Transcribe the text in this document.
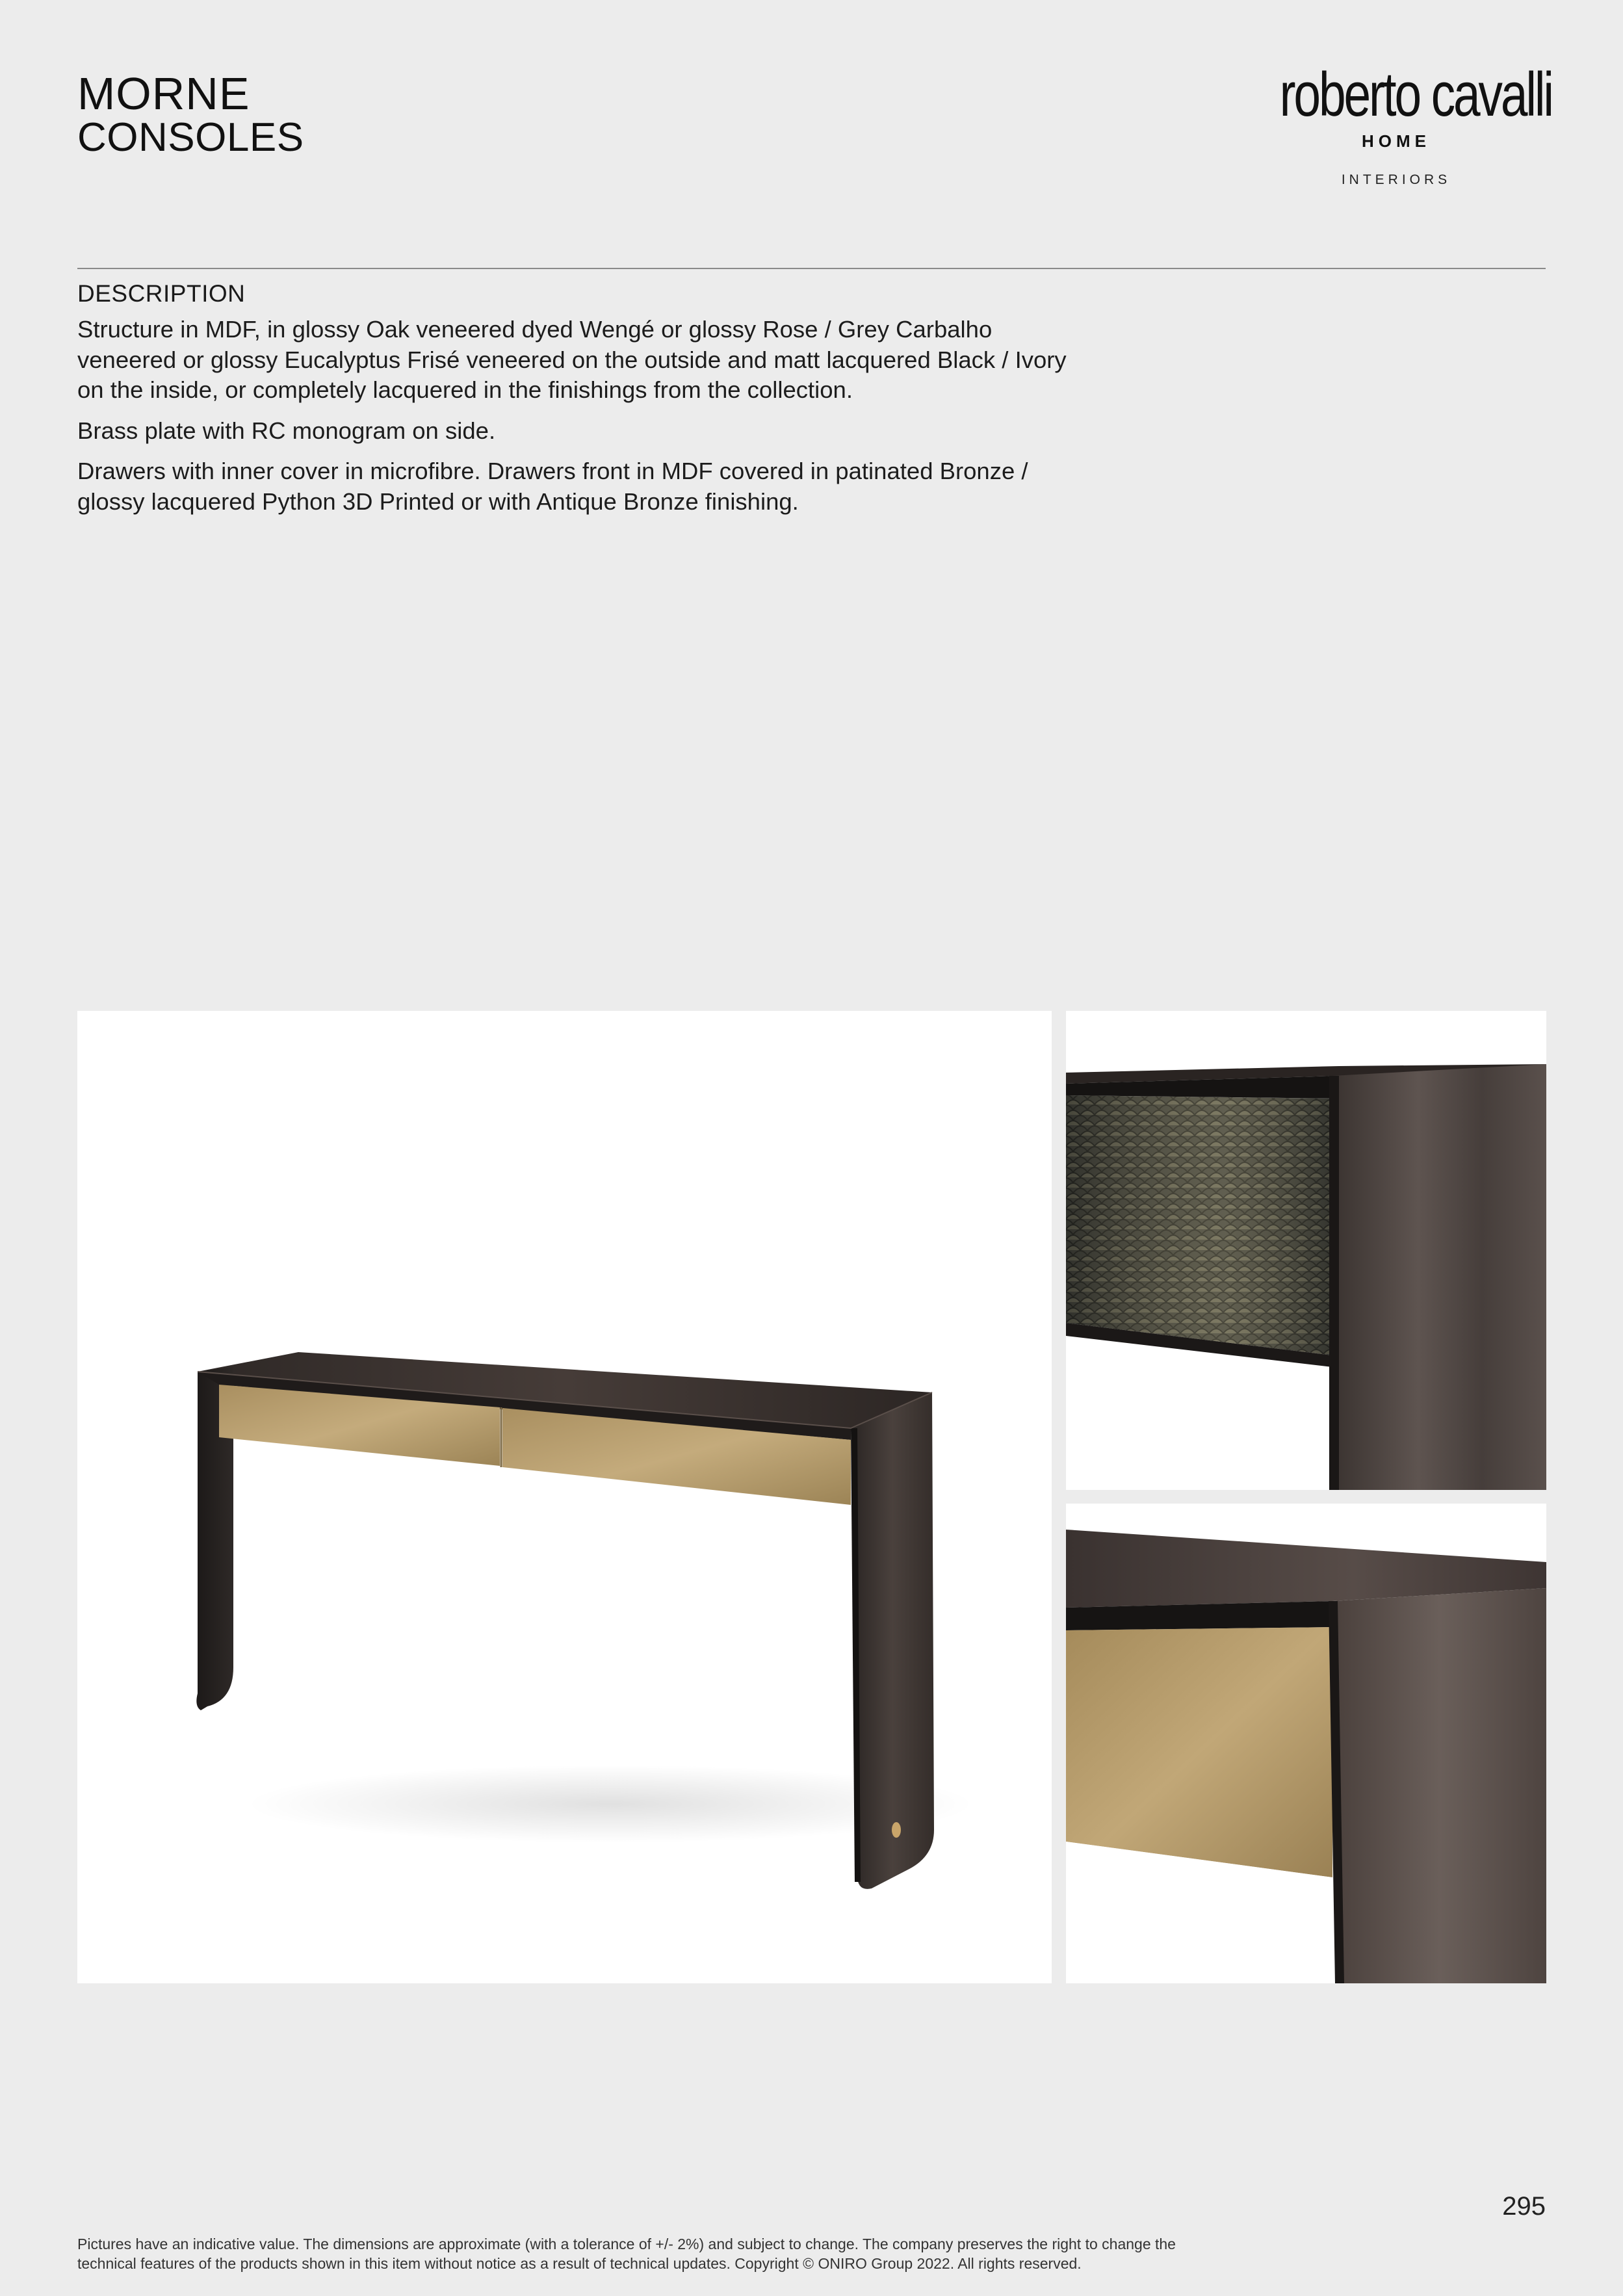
MORNE
CONSOLES
roberto cavalli
HOME
INTERIORS
DESCRIPTION

Structure in MDF, in glossy Oak veneered dyed Wengé or glossy Rose / Grey Carbalho veneered or glossy Eucalyptus Frisé veneered on the outside and matt lacquered Black / Ivory on the inside, or completely lacquered in the finishings from the collection.

Brass plate with RC monogram on side.

Drawers with inner cover in microfibre. Drawers front in MDF covered in patinated Bronze / glossy lacquered Python 3D Printed or with Antique Bronze finishing.

295
Pictures have an indicative value. The dimensions are approximate (with a tolerance of +/- 2%) and subject to change. The company preserves the right to change the
technical features of the products shown in this item without notice as a result of technical updates. Copyright © ONIRO Group 2022. All rights reserved.
